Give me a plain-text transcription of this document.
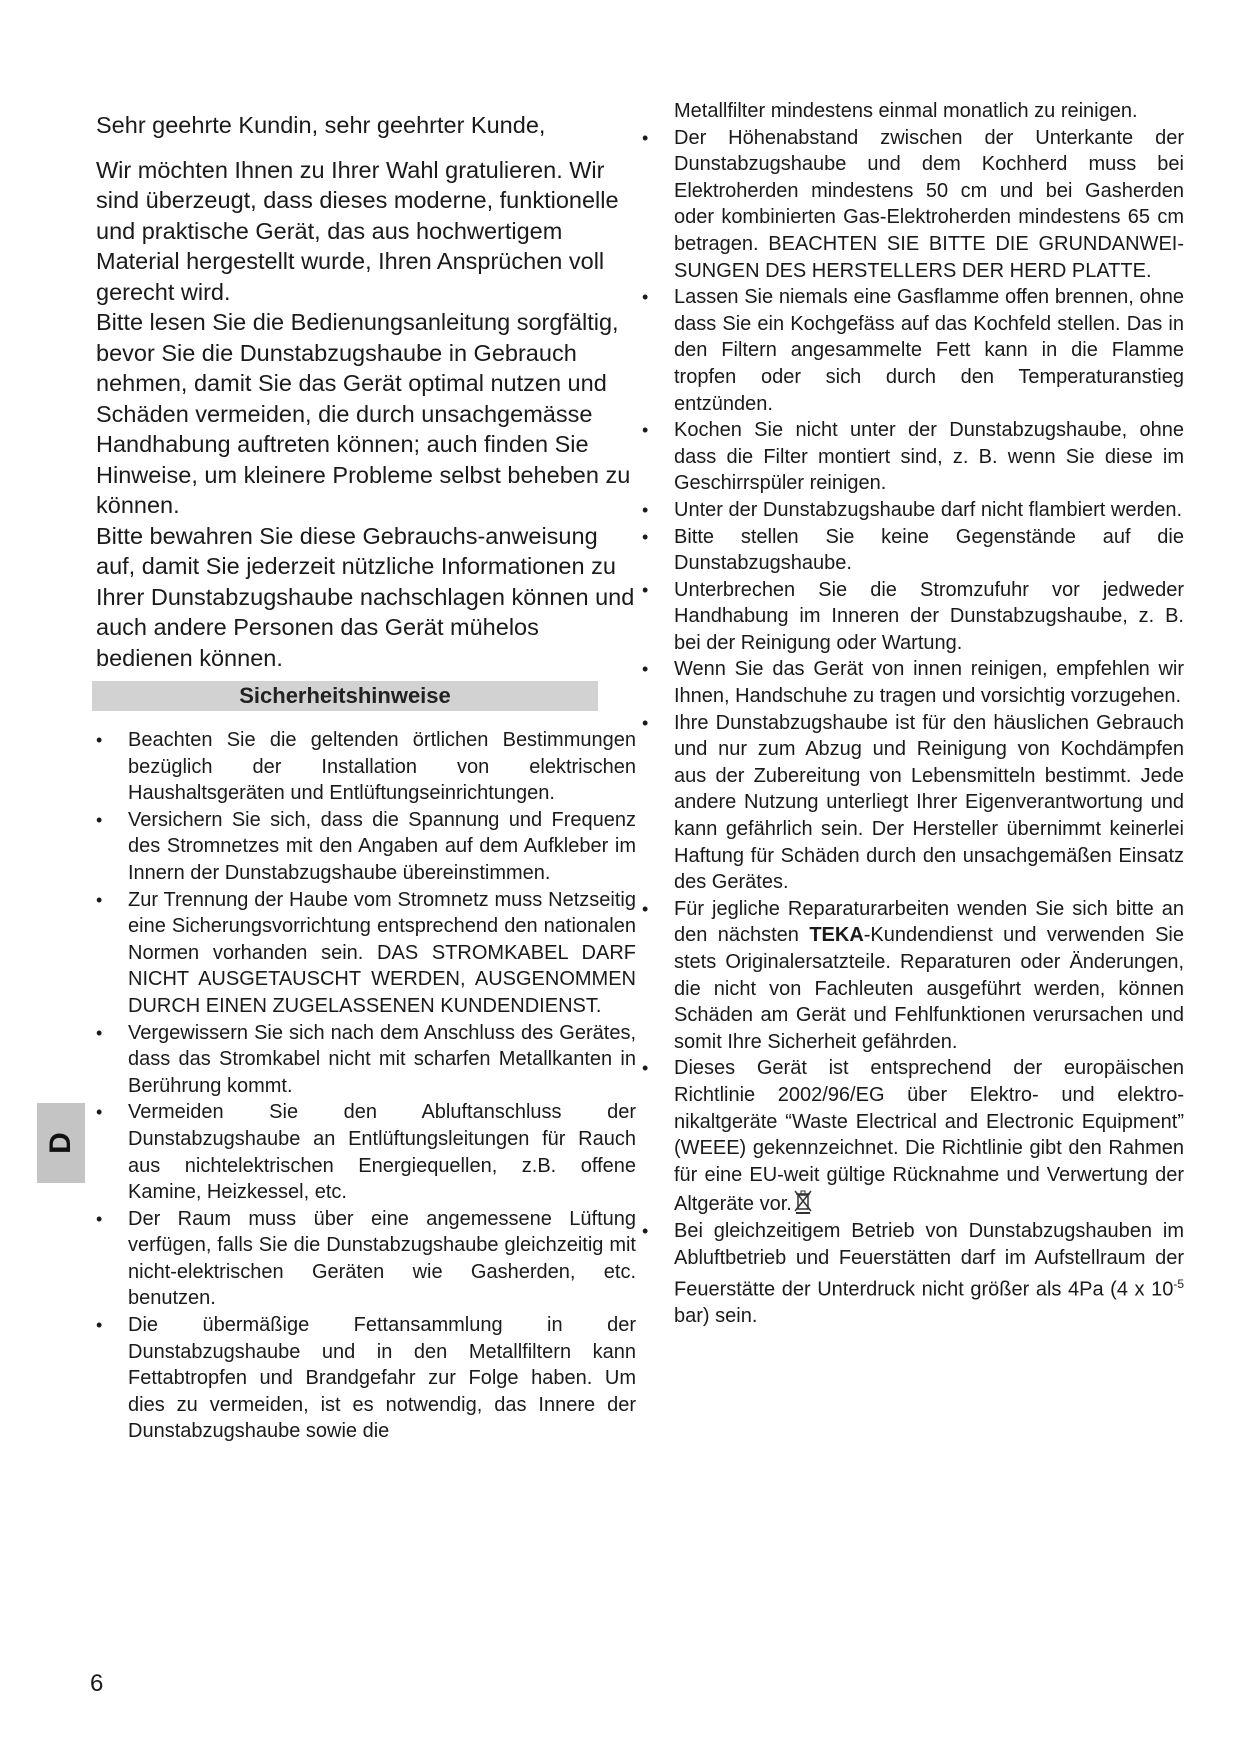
Sehr geehrte Kundin, sehr geehrter Kunde,

Wir möchten Ihnen zu Ihrer Wahl gratulieren. Wir sind überzeugt, dass dieses moderne, funktionelle und praktische Gerät, das aus hochwertigem Material hergestellt wurde, Ihren Ansprüchen voll gerecht wird.

Bitte lesen Sie die Bedienungsanleitung sorgfältig, bevor Sie die Dunstabzugshaube in Gebrauch nehmen, damit Sie das Gerät optimal nutzen und Schäden vermeiden, die durch unsachgemässe Handhabung auftreten können; auch finden Sie Hinweise, um kleinere Probleme selbst beheben zu können.

Bitte bewahren Sie diese Gebrauchs-anweisung auf, damit Sie jederzeit nützliche Informationen zu Ihrer Dunstabzugshaube nachschlagen können und auch andere Personen das Gerät mühelos bedienen können.

Sicherheitshinweise
• Beachten Sie die geltenden örtlichen Bestimmungen bezüglich der Installation von elektrischen Haushaltsgeräten und Entlüftungseinrichtungen.
• Versichern Sie sich, dass die Spannung und Frequenz des Stromnetzes mit den Angaben auf dem Aufkleber im Innern der Dunstabzugshaube übereinstimmen.
• Zur Trennung der Haube vom Stromnetz muss Netzseitig eine Sicherungsvorrichtung entsprechend den nationalen Normen vorhanden sein. DAS STROMKABEL DARF NICHT AUSGETAUSCHT WERDEN, AUSGENOMMEN DURCH EINEN ZUGELASSENEN KUNDENDIENST.
• Vergewissern Sie sich nach dem Anschluss des Gerätes, dass das Stromkabel nicht mit scharfen Metallkanten in Berührung kommt.
• Vermeiden Sie den Abluftanschluss der Dunstabzugshaube an Entlüftungsleitungen für Rauch aus nichtelektrischen Energiequellen, z.B. offene Kamine, Heizkessel, etc.
• Der Raum muss über eine angemessene Lüftung verfügen, falls Sie die Dunstabzugshaube gleichzeitig mit nicht-elektrischen Geräten wie Gasherden, etc. benutzen.
• Die übermäßige Fettansammlung in der Dunstabzugshaube und in den Metallfiltern kann Fettabtropfen und Brandgefahr zur Folge haben. Um dies zu vermeiden, ist es notwendig, das Innere der Dunstabzugshaube sowie die

Metallfilter mindestens einmal monatlich zu reinigen.

• Der Höhenabstand zwischen der Unterkante der Dunstabzugshaube und dem Kochherd muss bei Elektroherden mindestens 50 cm und bei Gasherden oder kombinierten Gas-Elektroherden mindestens 65 cm betragen. BEACHTEN SIE BITTE DIE GRUNDANWEI-SUNGEN DES HERSTELLERS DER HERD PLATTE.
• Lassen Sie niemals eine Gasflamme offen brennen, ohne dass Sie ein Kochgefäss auf das Kochfeld stellen. Das in den Filtern angesammelte Fett kann in die Flamme tropfen oder sich durch den Temperaturanstieg entzünden.
• Kochen Sie nicht unter der Dunstabzugshaube, ohne dass die Filter montiert sind, z. B. wenn Sie diese im Geschirrspüler reinigen.
• Unter der Dunstabzugshaube darf nicht flambiert werden.
• Bitte stellen Sie keine Gegenstände auf die Dunstabzugshaube.
• Unterbrechen Sie die Stromzufuhr vor jedweder Handhabung im Inneren der Dunstabzugshaube, z. B. bei der Reinigung oder Wartung.
• Wenn Sie das Gerät von innen reinigen, empfehlen wir Ihnen, Handschuhe zu tragen und vorsichtig vorzugehen.
• Ihre Dunstabzugshaube ist für den häuslichen Gebrauch und nur zum Abzug und Reinigung von Kochdämpfen aus der Zubereitung von Lebensmitteln bestimmt. Jede andere Nutzung unterliegt Ihrer Eigenverantwortung und kann gefährlich sein. Der Hersteller übernimmt keinerlei Haftung für Schäden durch den unsachgemäßen Einsatz des Gerätes.
• Für jegliche Reparaturarbeiten wenden Sie sich bitte an den nächsten TEKA-Kundendienst und verwenden Sie stets Originalersatzteile. Reparaturen oder Änderungen, die nicht von Fachleuten ausgeführt werden, können Schäden am Gerät und Fehlfunktionen verursachen und somit Ihre Sicherheit gefährden.
• Dieses Gerät ist entsprechend der europäischen Richtlinie 2002/96/EG über Elektro- und elektro-nikaltgeräte “Waste Electrical and Electronic Equipment” (WEEE) gekennzeichnet. Die Richtlinie gibt den Rahmen für eine EU-weit gültige Rücknahme und Verwertung der Altgeräte vor.
• Bei gleichzeitigem Betrieb von Dunstabzugshauben im Abluftbetrieb und Feuerstätten darf im Aufstellraum der Feuerstätte der Unterdruck nicht größer als 4Pa (4 x $10^{-5}$ bar) sein.
D
6
